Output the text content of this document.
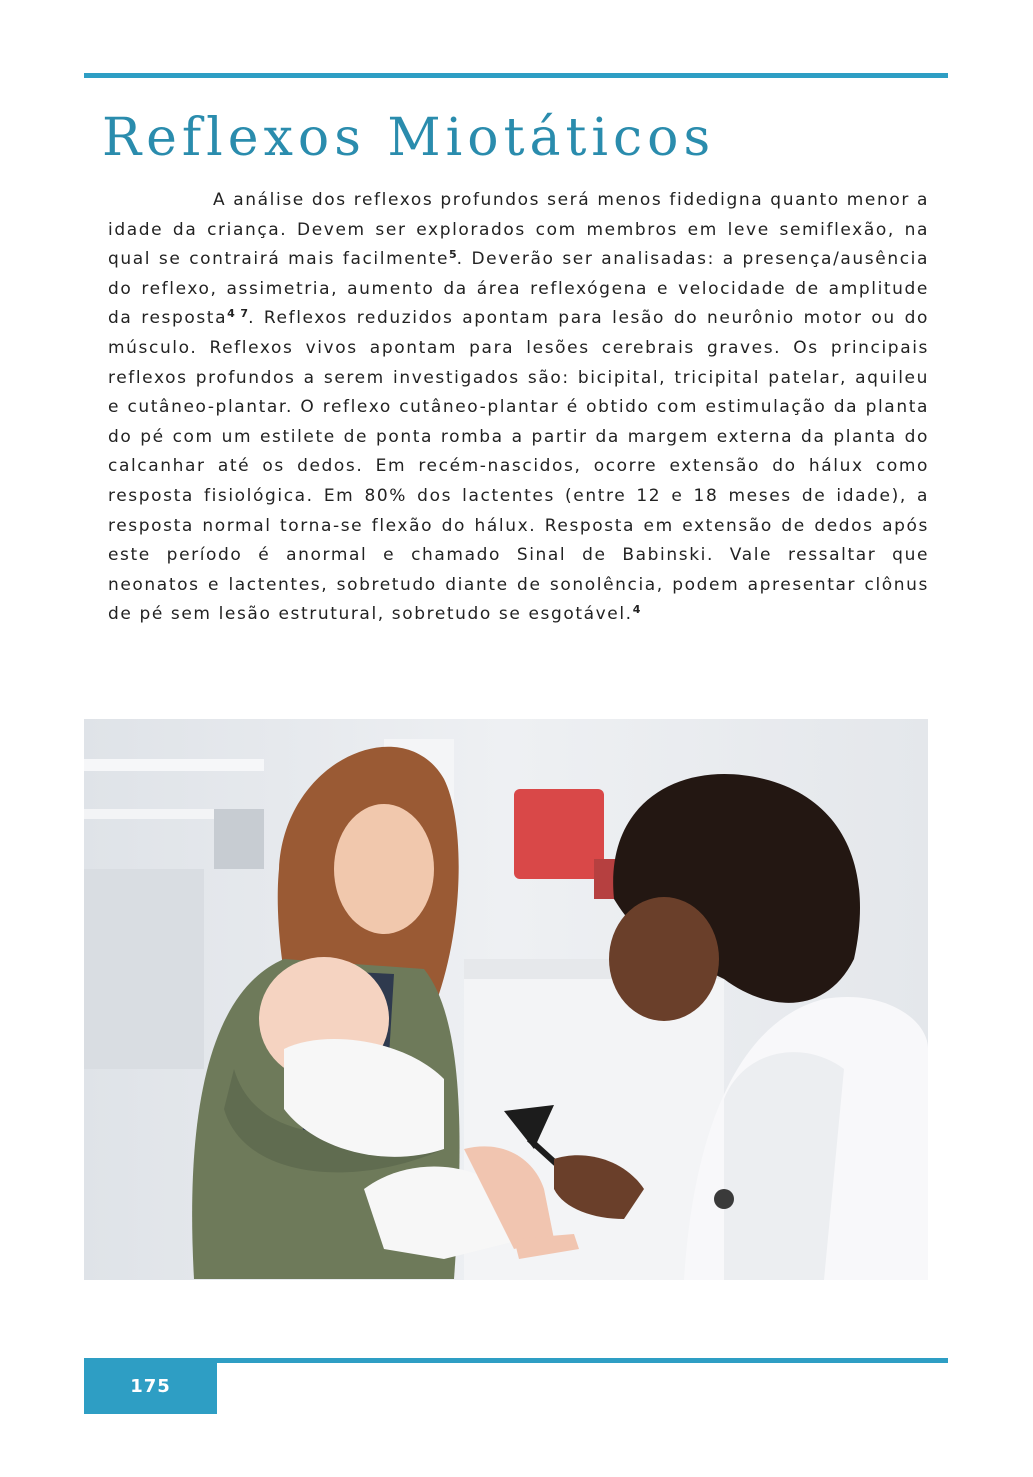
Reflexos Miotáticos

A análise dos reflexos profundos será menos fidedigna quanto menor a idade da criança. Devem ser explorados com membros em leve semiflexão, na qual se contrairá mais facilmente$^5$. Deverão ser analisadas: a presença/ausência do reflexo, assimetria, aumento da área reflexógena e velocidade de amplitude da resposta$^{4 7}$. Reflexos reduzidos apontam para lesão do neurônio motor ou do músculo. Reflexos vivos apontam para lesões cerebrais graves. Os principais reflexos profundos a serem investigados são: bicipital, tricipital patelar, aquileu e cutâneo-plantar. O reflexo cutâneo-plantar é obtido com estimulação da planta do pé com um estilete de ponta romba a partir da margem externa da planta do calcanhar até os dedos. Em recém-nascidos, ocorre extensão do hálux como resposta fisiológica. Em 80% dos lactentes (entre 12 e 18 meses de idade), a resposta normal torna-se flexão do hálux. Resposta em extensão de dedos após este período é anormal e chamado Sinal de Babinski. Vale ressaltar que neonatos e lactentes, sobretudo diante de sonolência, podem apresentar clônus de pé sem lesão estrutural, sobretudo se esgotável.$^4$

175
